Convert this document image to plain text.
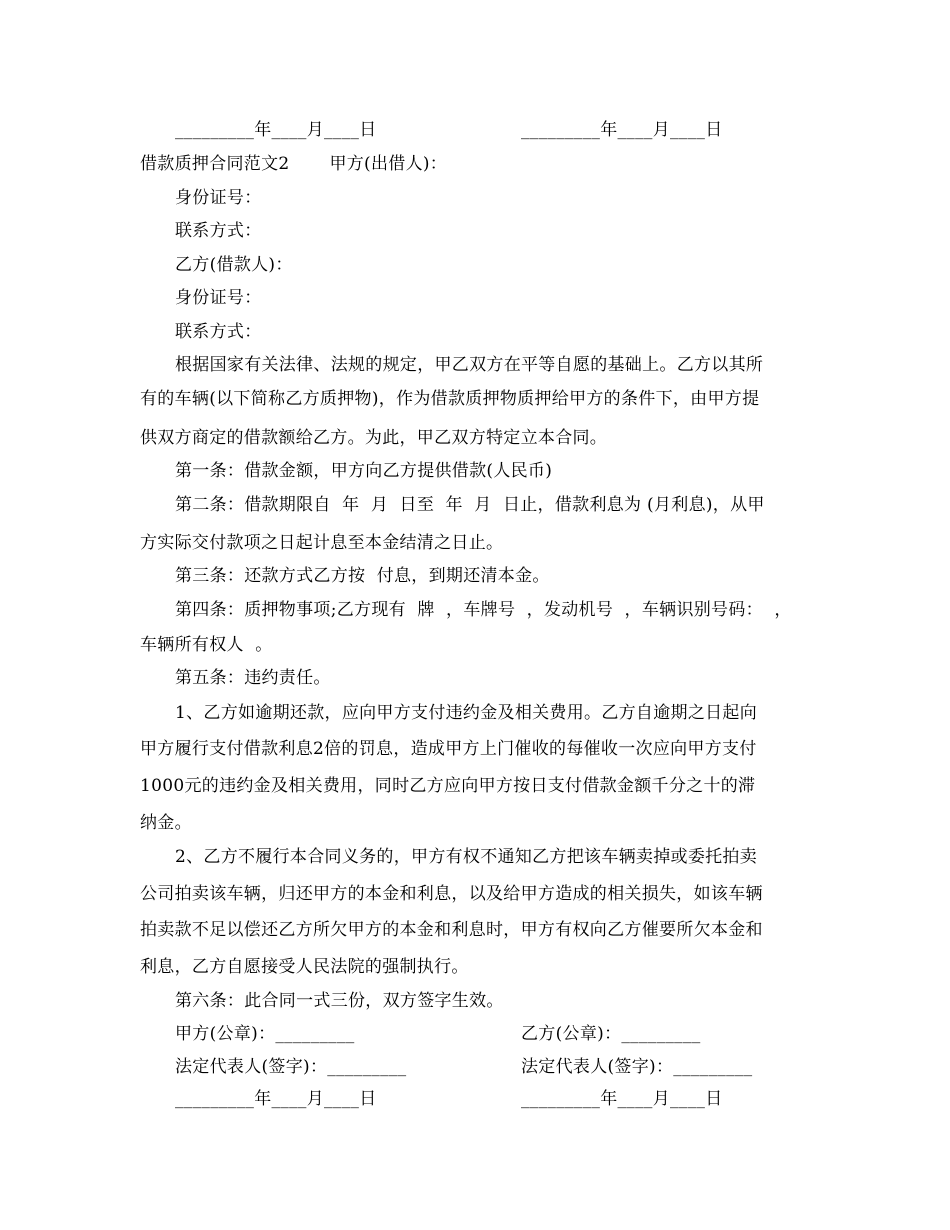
_________年____月____日	_________年____月____日
借款质押合同范文2       甲方(出借人)：
身份证号：
联系方式：
乙方(借款人)：
身份证号：
联系方式：
根据国家有关法律、法规的规定，甲乙双方在平等自愿的基础上。乙方以其所
有的车辆(以下简称乙方质押物)，作为借款质押物质押给甲方的条件下，由甲方提
供双方商定的借款额给乙方。为此，甲乙双方特定立本合同。
第一条：借款金额，甲方向乙方提供借款(人民币)
第二条：借款期限自  年  月  日至  年  月  日止，借款利息为 (月利息)，从甲
方实际交付款项之日起计息至本金结清之日止。
第三条：还款方式乙方按  付息，到期还清本金。
第四条：质押物事项;乙方现有  牌  ，车牌号  ，发动机号  ，车辆识别号码：  ，
车辆所有权人  。
第五条：违约责任。
1、乙方如逾期还款，应向甲方支付违约金及相关费用。乙方自逾期之日起向
甲方履行支付借款利息2倍的罚息，造成甲方上门催收的每催收一次应向甲方支付
1000元的违约金及相关费用，同时乙方应向甲方按日支付借款金额千分之十的滞
纳金。
2、乙方不履行本合同义务的，甲方有权不通知乙方把该车辆卖掉或委托拍卖
公司拍卖该车辆，归还甲方的本金和利息，以及给甲方造成的相关损失，如该车辆
拍卖款不足以偿还乙方所欠甲方的本金和利息时，甲方有权向乙方催要所欠本金和
利息，乙方自愿接受人民法院的强制执行。
第六条：此合同一式三份，双方签字生效。
甲方(公章)：_________	乙方(公章)：_________
法定代表人(签字)：_________	法定代表人(签字)：_________
_________年____月____日	_________年____月____日
